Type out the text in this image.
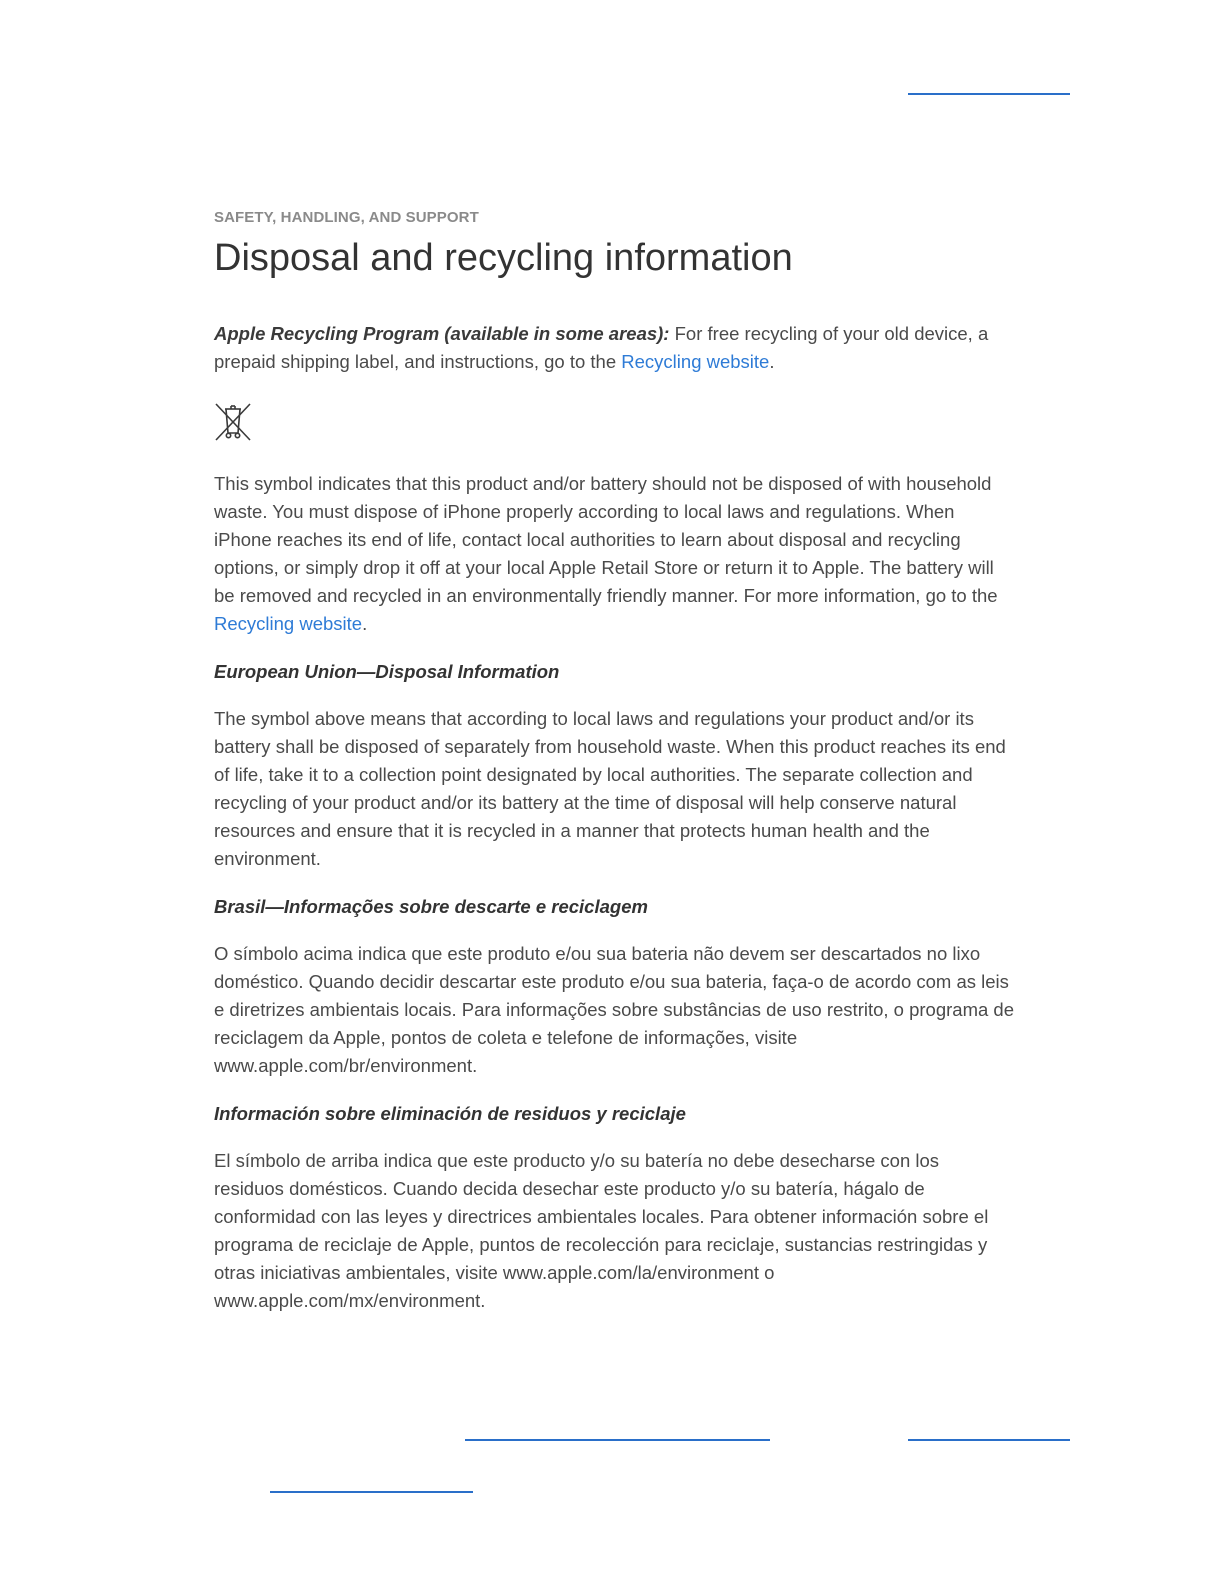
SAFETY, HANDLING, AND SUPPORT
Disposal and recycling information

Apple Recycling Program (available in some areas): For free recycling of your old device, a prepaid shipping label, and instructions, go to the Recycling website.

This symbol indicates that this product and/or battery should not be disposed of with household waste. You must dispose of iPhone properly according to local laws and regulations. When iPhone reaches its end of life, contact local authorities to learn about disposal and recycling options, or simply drop it off at your local Apple Retail Store or return it to Apple. The battery will be removed and recycled in an environmentally friendly manner. For more information, go to the Recycling website.

European Union—Disposal Information

The symbol above means that according to local laws and regulations your product and/or its battery shall be disposed of separately from household waste. When this product reaches its end of life, take it to a collection point designated by local authorities. The separate collection and recycling of your product and/or its battery at the time of disposal will help conserve natural resources and ensure that it is recycled in a manner that protects human health and the environment.

Brasil—Informações sobre descarte e reciclagem

O símbolo acima indica que este produto e/ou sua bateria não devem ser descartados no lixo doméstico. Quando decidir descartar este produto e/ou sua bateria, faça-o de acordo com as leis e diretrizes ambientais locais. Para informações sobre substâncias de uso restrito, o programa de reciclagem da Apple, pontos de coleta e telefone de informações, visite www.apple.com/br/environment.

Información sobre eliminación de residuos y reciclaje

El símbolo de arriba indica que este producto y/o su batería no debe desecharse con los residuos domésticos. Cuando decida desechar este producto y/o su batería, hágalo de conformidad con las leyes y directrices ambientales locales. Para obtener información sobre el programa de reciclaje de Apple, puntos de recolección para reciclaje, sustancias restringidas y otras iniciativas ambientales, visite www.apple.com/la/environment o www.apple.com/mx/environment.
